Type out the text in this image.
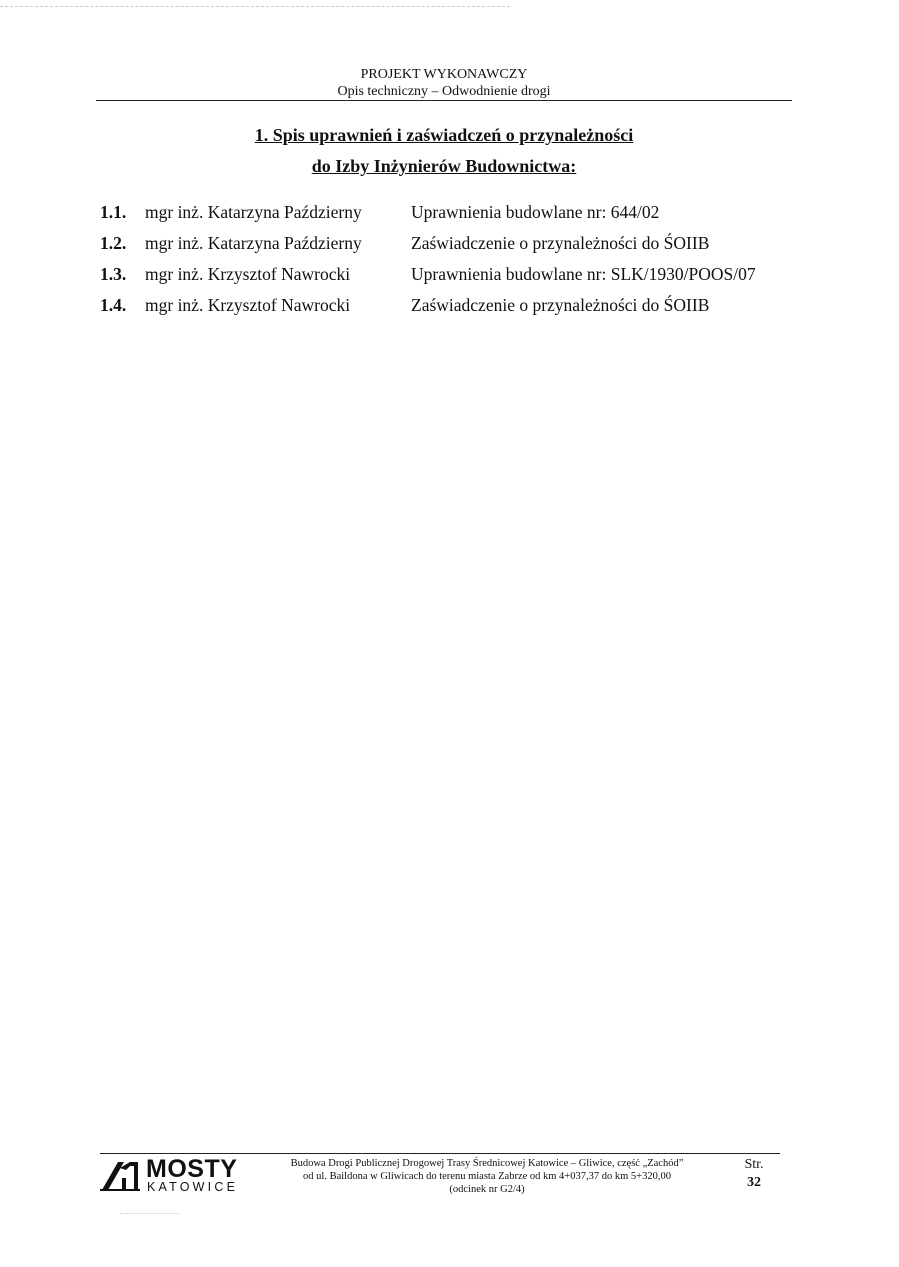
PROJEKT WYKONAWCZY
Opis techniczny – Odwodnienie drogi
1. Spis uprawnień i zaświadczeń o przynależności
do Izby Inżynierów Budownictwa:
1.1. mgr inż. Katarzyna Październy	Uprawnienia budowlane nr: 644/02
1.2. mgr inż. Katarzyna Październy	Zaświadczenie o przynależności do ŚOIIB
1.3. mgr inż. Krzysztof Nawrocki	Uprawnienia budowlane nr: SLK/1930/POOS/07
1.4. mgr inż. Krzysztof Nawrocki	Zaświadczenie o przynależności do ŚOIIB
MOSTY
KATOWICE
Budowa Drogi Publicznej Drogowej Trasy Średnicowej Katowice – Gliwice, część „Zachód”
od ul. Baildona w Gliwicach do terenu miasta Zabrze od km 4+037,37 do km 5+320,00
(odcinek nr G2/4)
Str.
32
